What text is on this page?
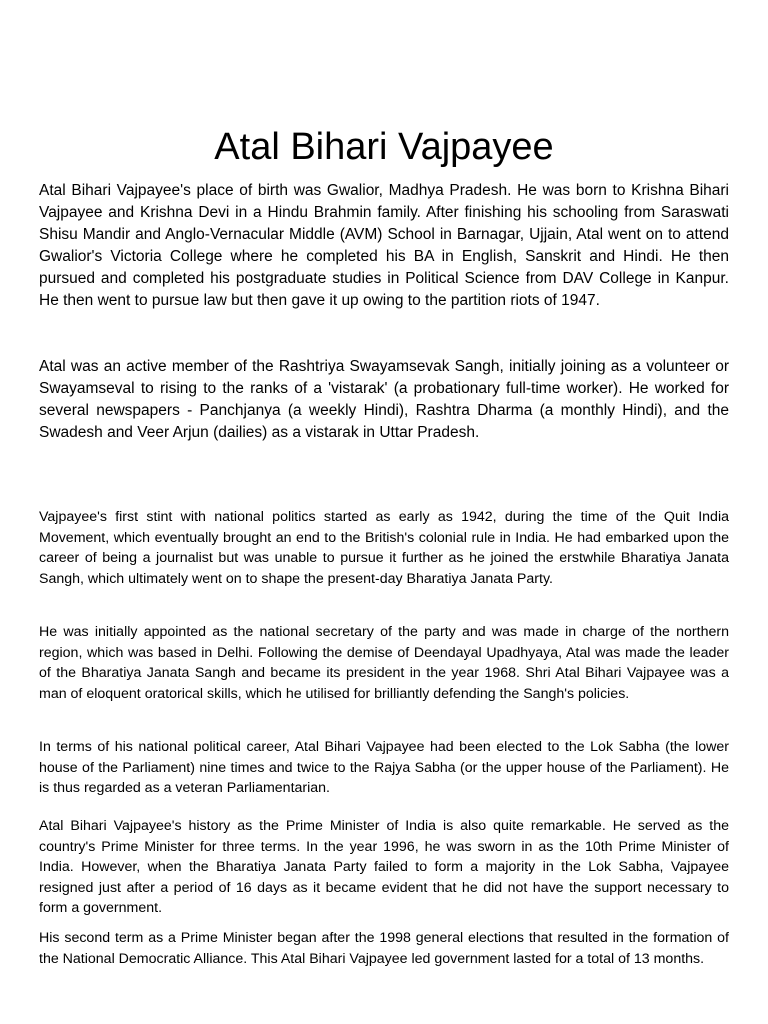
Atal Bihari Vajpayee

Atal Bihari Vajpayee's place of birth was Gwalior, Madhya Pradesh. He was born to Krishna Bihari Vajpayee and Krishna Devi in a Hindu Brahmin family. After finishing his schooling from Saraswati Shisu Mandir and Anglo-Vernacular Middle (AVM) School in Barnagar, Ujjain, Atal went on to attend Gwalior's Victoria College where he completed his BA in English, Sanskrit and Hindi. He then pursued and completed his postgraduate studies in Political Science from DAV College in Kanpur. He then went to pursue law but then gave it up owing to the partition riots of 1947.

Atal was an active member of the Rashtriya Swayamsevak Sangh, initially joining as a volunteer or Swayamseval to rising to the ranks of a 'vistarak' (a probationary full-time worker). He worked for several newspapers - Panchjanya (a weekly Hindi), Rashtra Dharma (a monthly Hindi), and the Swadesh and Veer Arjun (dailies) as a vistarak in Uttar Pradesh.

Vajpayee's first stint with national politics started as early as 1942, during the time of the Quit India Movement, which eventually brought an end to the British's colonial rule in India. He had embarked upon the career of being a journalist but was unable to pursue it further as he joined the erstwhile Bharatiya Janata Sangh, which ultimately went on to shape the present-day Bharatiya Janata Party.

He was initially appointed as the national secretary of the party and was made in charge of the northern region, which was based in Delhi. Following the demise of Deendayal Upadhyaya, Atal was made the leader of the Bharatiya Janata Sangh and became its president in the year 1968. Shri Atal Bihari Vajpayee was a man of eloquent oratorical skills, which he utilised for brilliantly defending the Sangh's policies.

In terms of his national political career, Atal Bihari Vajpayee had been elected to the Lok Sabha (the lower house of the Parliament) nine times and twice to the Rajya Sabha (or the upper house of the Parliament). He is thus regarded as a veteran Parliamentarian.

Atal Bihari Vajpayee's history as the Prime Minister of India is also quite remarkable. He served as the country's Prime Minister for three terms. In the year 1996, he was sworn in as the 10th Prime Minister of India. However, when the Bharatiya Janata Party failed to form a majority in the Lok Sabha, Vajpayee resigned just after a period of 16 days as it became evident that he did not have the support necessary to form a government.

His second term as a Prime Minister began after the 1998 general elections that resulted in the formation of the National Democratic Alliance. This Atal Bihari Vajpayee led government lasted for a total of 13 months.
